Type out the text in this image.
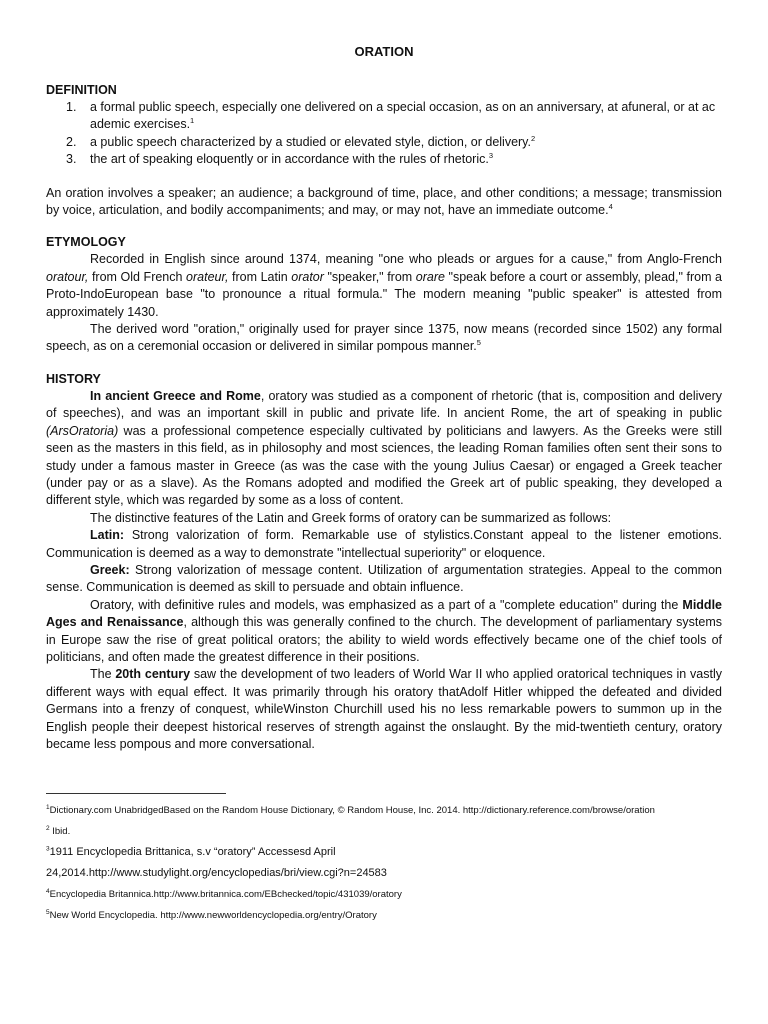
ORATION
DEFINITION
1. a formal public speech, especially one delivered on a special occasion, as on an anniversary, at afuneral, or at ac ademic exercises.$^1$
2. a public speech characterized by a studied or elevated style, diction, or delivery.$^2$
3. the art of speaking eloquently or in accordance with the rules of rhetoric.$^3$

An oration involves a speaker; an audience; a background of time, place, and other conditions; a message; transmission by voice, articulation, and bodily accompaniments; and may, or may not, have an immediate outcome.$^4$

ETYMOLOGY

Recorded in English since around 1374, meaning "one who pleads or argues for a cause," from Anglo-French oratour, from Old French orateur, from Latin orator "speaker," from orare "speak before a court or assembly, plead," from a Proto-IndoEuropean base "to pronounce a ritual formula." The modern meaning "public speaker" is attested from approximately 1430.

The derived word "oration," originally used for prayer since 1375, now means (recorded since 1502) any formal speech, as on a ceremonial occasion or delivered in similar pompous manner.$^5$

HISTORY

In ancient Greece and Rome, oratory was studied as a component of rhetoric (that is, composition and delivery of speeches), and was an important skill in public and private life. In ancient Rome, the art of speaking in public (ArsOratoria) was a professional competence especially cultivated by politicians and lawyers. As the Greeks were still seen as the masters in this field, as in philosophy and most sciences, the leading Roman families often sent their sons to study under a famous master in Greece (as was the case with the young Julius Caesar) or engaged a Greek teacher (under pay or as a slave). As the Romans adopted and modified the Greek art of public speaking, they developed a different style, which was regarded by some as a loss of content.

The distinctive features of the Latin and Greek forms of oratory can be summarized as follows:

Latin: Strong valorization of form. Remarkable use of stylistics.Constant appeal to the listener emotions. Communication is deemed as a way to demonstrate "intellectual superiority" or eloquence.

Greek: Strong valorization of message content. Utilization of argumentation strategies. Appeal to the common sense. Communication is deemed as skill to persuade and obtain influence.

Oratory, with definitive rules and models, was emphasized as a part of a "complete education" during the Middle Ages and Renaissance, although this was generally confined to the church. The development of parliamentary systems in Europe saw the rise of great political orators; the ability to wield words effectively became one of the chief tools of politicians, and often made the greatest difference in their positions.

The 20th century saw the development of two leaders of World War II who applied oratorical techniques in vastly different ways with equal effect. It was primarily through his oratory thatAdolf Hitler whipped the defeated and divided Germans into a frenzy of conquest, whileWinston Churchill used his no less remarkable powers to summon up in the English people their deepest historical reserves of strength against the onslaught. By the mid-twentieth century, oratory became less pompous and more conversational.

$^1$Dictionary.com UnabridgedBased on the Random House Dictionary, © Random House, Inc. 2014. http://dictionary.reference.com/browse/oration
$^2$ Ibid.
$^3$1911 Encyclopedia Brittanica, s.v “oratory” Accessesd April
24,2014.http://www.studylight.org/encyclopedias/bri/view.cgi?n=24583
$^4$Encyclopedia Britannica.http://www.britannica.com/EBchecked/topic/431039/oratory
$^5$New World Encyclopedia. http://www.newworldencyclopedia.org/entry/Oratory
